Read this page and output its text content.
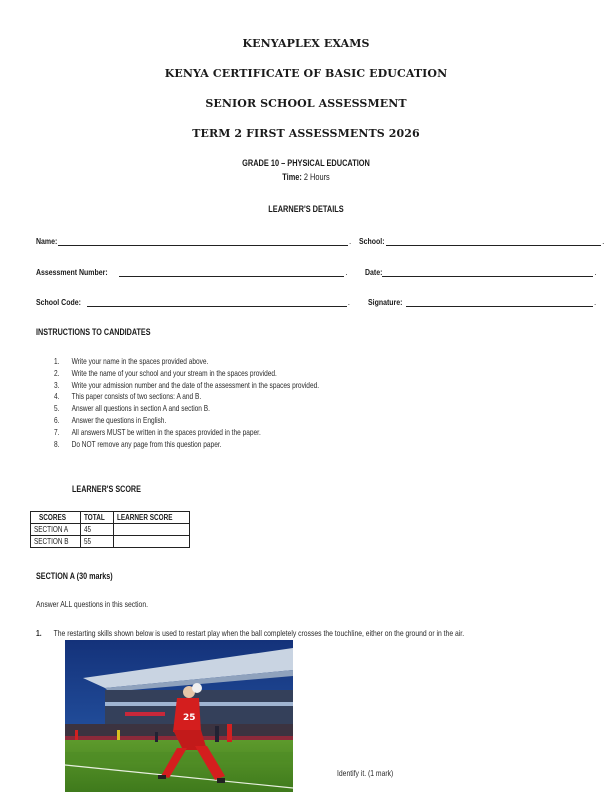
KENYAPLEX EXAMS
KENYA CERTIFICATE OF BASIC EDUCATION
SENIOR SCHOOL ASSESSMENT
TERM 2 FIRST ASSESSMENTS 2026
GRADE 10 – PHYSICAL EDUCATION
Time: 2 Hours
LEARNER'S DETAILS
Name:	. School:	.
Assessment Number:	. Date:	.
School Code:	. Signature:	.
INSTRUCTIONS TO CANDIDATES
1.	Write your name in the spaces provided above.
2.	Write the name of your school and your stream in the spaces provided.
3.	Write your admission number and the date of the assessment in the spaces provided.
4.	This paper consists of two sections: A and B.
5.	Answer all questions in section A and section B.
6.	Answer the questions in English.
7.	All answers MUST be written in the spaces provided in the paper.
8.	Do NOT remove any page from this question paper.
LEARNER'S SCORE
SCORES	TOTAL	LEARNER SCORE
SECTION A	45	
SECTION B	55	
SECTION A (30 marks)
Answer ALL questions in this section.
1. The restarting skills shown below is used to restart play when the ball completely crosses the touchline, either on the ground or in the air.
25
Identify it. (1 mark)
